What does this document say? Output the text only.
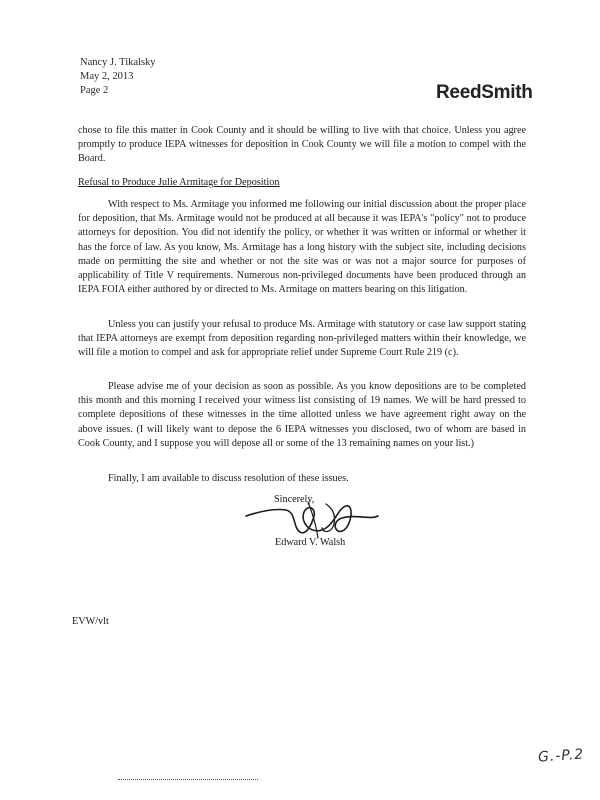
Nancy J. Tikalsky
May 2, 2013
Page 2	ReedSmith

chose to file this matter in Cook County and it should be willing to live with that choice. Unless you agree promptly to produce IEPA witnesses for deposition in Cook County we will file a motion to compel with the Board.

Refusal to Produce Julie Armitage for Deposition

With respect to Ms. Armitage you informed me following our initial discussion about the proper place for deposition, that Ms. Armitage would not be produced at all because it was IEPA's "policy" not to produce attorneys for deposition. You did not identify the policy, or whether it was written or informal or whether it has the force of law. As you know, Ms. Armitage has a long history with the subject site, including decisions made on permitting the site and whether or not the site was or was not a major source for purposes of applicability of Title V requirements. Numerous non-privileged documents have been produced through an IEPA FOIA either authored by or directed to Ms. Armitage on matters bearing on this litigation.

Unless you can justify your refusal to produce Ms. Armitage with statutory or case law support stating that IEPA attorneys are exempt from deposition regarding non-privileged matters within their knowledge, we will file a motion to compel and ask for appropriate relief under Supreme Court Rule 219 (c).

Please advise me of your decision as soon as possible. As you know depositions are to be completed this month and this morning I received your witness list consisting of 19 names. We will be hard pressed to complete depositions of these witnesses in the time allotted unless we have agreement right away on the above issues. (I will likely want to depose the 6 IEPA witnesses you disclosed, two of whom are based in Cook County, and I suppose you will depose all or some of the 13 remaining names on your list.)

Finally, I am available to discuss resolution of these issues.

Sincerely,

Edward V. Walsh

EVW/vlt

G.-P.2
